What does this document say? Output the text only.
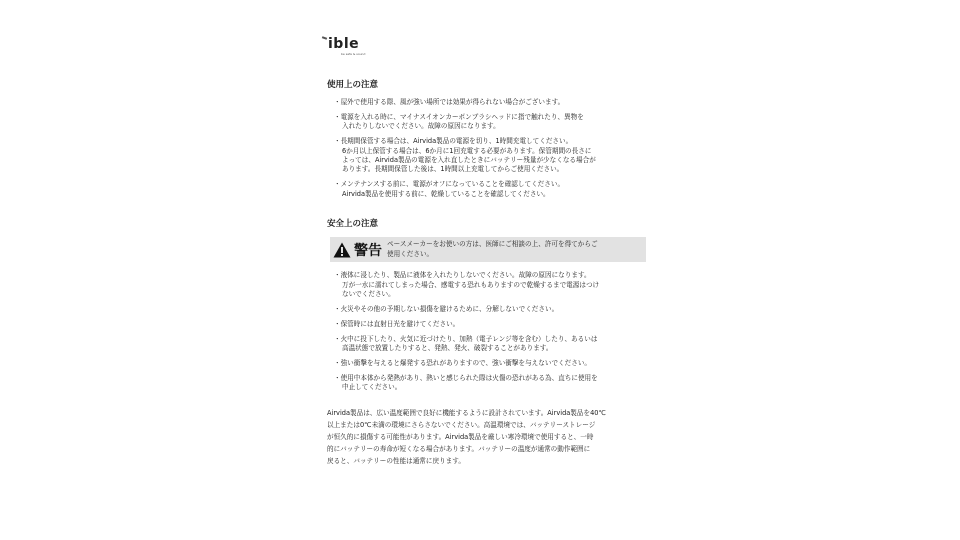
ible
be safe & sound
使用上の注意
・屋外で使用する際、風が強い場所では効果が得られない場合がございます。
・電源を入れる時に、マイナスイオンカーボンブラシヘッドに指で触れたり、異物を
入れたりしないでください。故障の原因になります。
・長期間保管する場合は、Airvida製品の電源を切り、1時間充電してください。
6か月以上保管する場合は、6か月に1回充電する必要があります。保管期間の長さに
よっては、Airvida製品の電源を入れ直したときにバッテリー残量が少なくなる場合が
あります。長期間保管した後は、1時間以上充電してからご使用ください。
・メンテナンスする前に、電源がオフになっていることを確認してください。
Airvida製品を使用する前に、乾燥していることを確認してください。
安全上の注意
警告 ペースメーカーをお使いの方は、医師にご相談の上、許可を得てからご
使用ください。
・液体に浸したり、製品に液体を入れたりしないでください。故障の原因になります。
万が一水に濡れてしまった場合、感電する恐れもありますので乾燥するまで電源はつけ
ないでください。
・火災やその他の予期しない損傷を避けるために、分解しないでください。
・保管時には直射日光を避けてください。
・火中に投下したり、火気に近づけたり、加熱（電子レンジ等を含む）したり、あるいは
高温状態で放置したりすると、発熱、発火、破裂することがあります。
・強い衝撃を与えると爆発する恐れがありますので、強い衝撃を与えないでください。
・使用中本体から発熱があり、熱いと感じられた際は火傷の恐れがある為、直ちに使用を
中止してください。
Airvida製品は、広い温度範囲で良好に機能するように設計されています。Airvida製品を40℃
以上または0℃未満の環境にさらさないでください。高温環境では、バッテリーストレージ
が恒久的に損傷する可能性があります。Airvida製品を厳しい寒冷環境で使用すると、一時
的にバッテリーの寿命が短くなる場合があります。バッテリーの温度が通常の動作範囲に
戻ると、バッテリーの性能は通常に戻ります。
